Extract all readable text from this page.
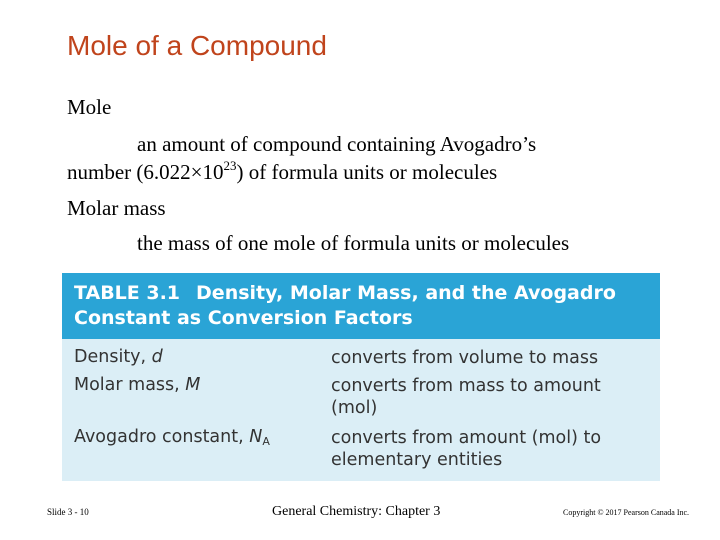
Mole of a Compound
Mole
an amount of compound containing Avogadro’s
number $(6.022\times 10^{23})$ of formula units or molecules
Molar mass
the mass of one mole of formula units or molecules
TABLE 3.1 Density, Molar Mass, and the Avogadro
Constant as Conversion Factors
Density, d	converts from volume to mass
Molar mass, M	converts from mass to amount
(mol)
Avogadro constant, $N_A$	converts from amount (mol) to
elementary entities
Slide 3 - 10	General Chemistry: Chapter 3	Copyright © 2017 Pearson Canada Inc.
